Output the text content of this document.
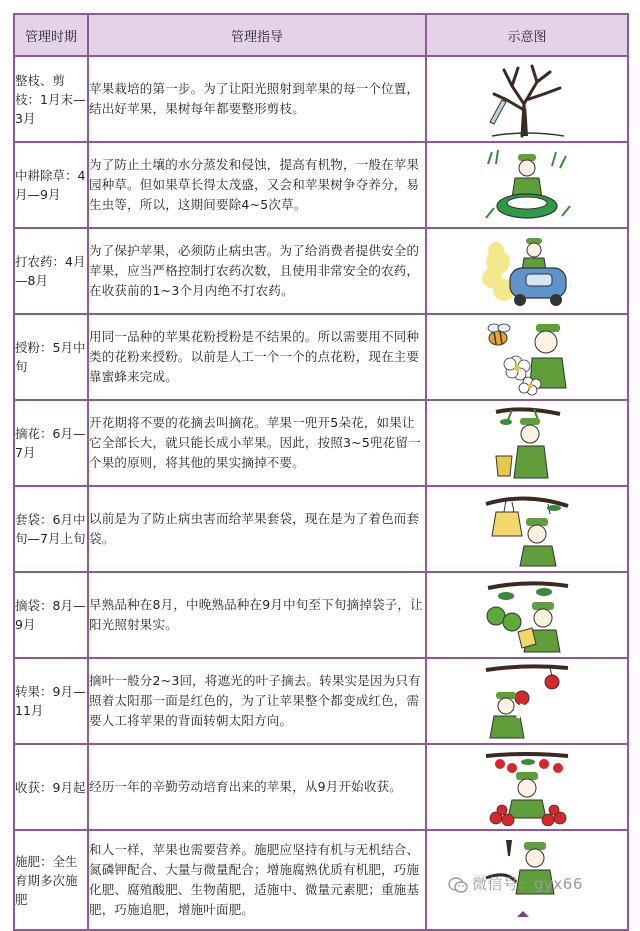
管理时期	管理指导	示意图
整枝、剪枝：1月末—3月	苹果栽培的第一步。为了让阳光照射到苹果的每一个位置，结出好苹果，果树每年都要整形剪枝。	

中耕除草：4月—9月	为了防止土壤的水分蒸发和侵蚀，提高有机物，一般在苹果园种草。但如果草长得太茂盛，又会和苹果树争夺养分，易生虫等，所以，这期间要除4~5次草。	

打农药：4月—8月	为了保护苹果，必须防止病虫害。为了给消费者提供安全的苹果，应当严格控制打农药次数，且使用非常安全的农药，在收获前的1~3个月内绝不打农药。	

授粉：5月中旬	用同一品种的苹果花粉授粉是不结果的。所以需要用不同种类的花粉来授粉。以前是人工一个一个的点花粉，现在主要靠蜜蜂来完成。	

摘花：6月—7月	开花期将不要的花摘去叫摘花。苹果一兜开5朵花，如果让它全部长大，就只能长成小苹果。因此，按照3~5兜花留一个果的原则，将其他的果实摘掉不要。	

套袋：6月中旬—7月上旬	以前是为了防止病虫害而给苹果套袋，现在是为了着色而套袋。	

摘袋：8月—9月	早熟品种在8月，中晚熟品种在9月中旬至下旬摘掉袋子，让阳光照射果实。	

转果：9月—11月	摘叶一般分2~3回，将遮光的叶子摘去。转果实是因为只有照着太阳那一面是红色的，为了让苹果整个都变成红色，需要人工将苹果的背面转朝太阳方向。	

收获：9月起	经历一年的辛勤劳动培育出来的苹果，从9月开始收获。	

施肥：全生育期多次施肥	和人一样，苹果也需要营养。施肥应坚持有机与无机结合、氮磷钾配合、大量与微量配合；增施腐熟优质有机肥，巧施化肥、腐殖酸肥、生物菌肥，适施中、微量元素肥；重施基肥，巧施追肥，增施叶面肥。	
微信号：gyx66
